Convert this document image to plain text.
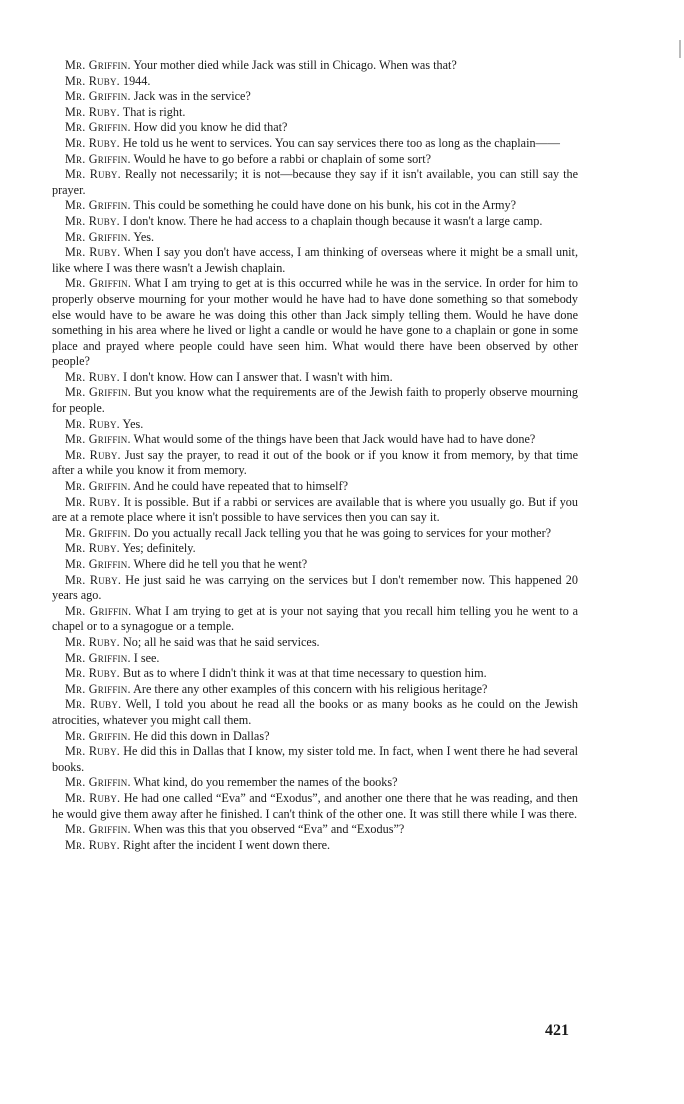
Mr. Griffin. Your mother died while Jack was still in Chicago. When was that?

Mr. Ruby. 1944.

Mr. Griffin. Jack was in the service?

Mr. Ruby. That is right.

Mr. Griffin. How did you know he did that?

Mr. Ruby. He told us he went to services. You can say services there too as long as the chaplain——

Mr. Griffin. Would he have to go before a rabbi or chaplain of some sort?

Mr. Ruby. Really not necessarily; it is not—because they say if it isn't available, you can still say the prayer.

Mr. Griffin. This could be something he could have done on his bunk, his cot in the Army?

Mr. Ruby. I don't know. There he had access to a chaplain though because it wasn't a large camp.

Mr. Griffin. Yes.

Mr. Ruby. When I say you don't have access, I am thinking of overseas where it might be a small unit, like where I was there wasn't a Jewish chaplain.

Mr. Griffin. What I am trying to get at is this occurred while he was in the service. In order for him to properly observe mourning for your mother would he have had to have done something so that somebody else would have to be aware he was doing this other than Jack simply telling them. Would he have done something in his area where he lived or light a candle or would he have gone to a chaplain or gone in some place and prayed where people could have seen him. What would there have been observed by other people?

Mr. Ruby. I don't know. How can I answer that. I wasn't with him.

Mr. Griffin. But you know what the requirements are of the Jewish faith to properly observe mourning for people.

Mr. Ruby. Yes.

Mr. Griffin. What would some of the things have been that Jack would have had to have done?

Mr. Ruby. Just say the prayer, to read it out of the book or if you know it from memory, by that time after a while you know it from memory.

Mr. Griffin. And he could have repeated that to himself?

Mr. Ruby. It is possible. But if a rabbi or services are available that is where you usually go. But if you are at a remote place where it isn't possible to have services then you can say it.

Mr. Griffin. Do you actually recall Jack telling you that he was going to services for your mother?

Mr. Ruby. Yes; definitely.

Mr. Griffin. Where did he tell you that he went?

Mr. Ruby. He just said he was carrying on the services but I don't remember now. This happened 20 years ago.

Mr. Griffin. What I am trying to get at is your not saying that you recall him telling you he went to a chapel or to a synagogue or a temple.

Mr. Ruby. No; all he said was that he said services.

Mr. Griffin. I see.

Mr. Ruby. But as to where I didn't think it was at that time necessary to question him.

Mr. Griffin. Are there any other examples of this concern with his religious heritage?

Mr. Ruby. Well, I told you about he read all the books or as many books as he could on the Jewish atrocities, whatever you might call them.

Mr. Griffin. He did this down in Dallas?

Mr. Ruby. He did this in Dallas that I know, my sister told me. In fact, when I went there he had several books.

Mr. Griffin. What kind, do you remember the names of the books?

Mr. Ruby. He had one called “Eva” and “Exodus”, and another one there that he was reading, and then he would give them away after he finished. I can't think of the other one. It was still there while I was there.

Mr. Griffin. When was this that you observed “Eva” and “Exodus”?

Mr. Ruby. Right after the incident I went down there.

421
